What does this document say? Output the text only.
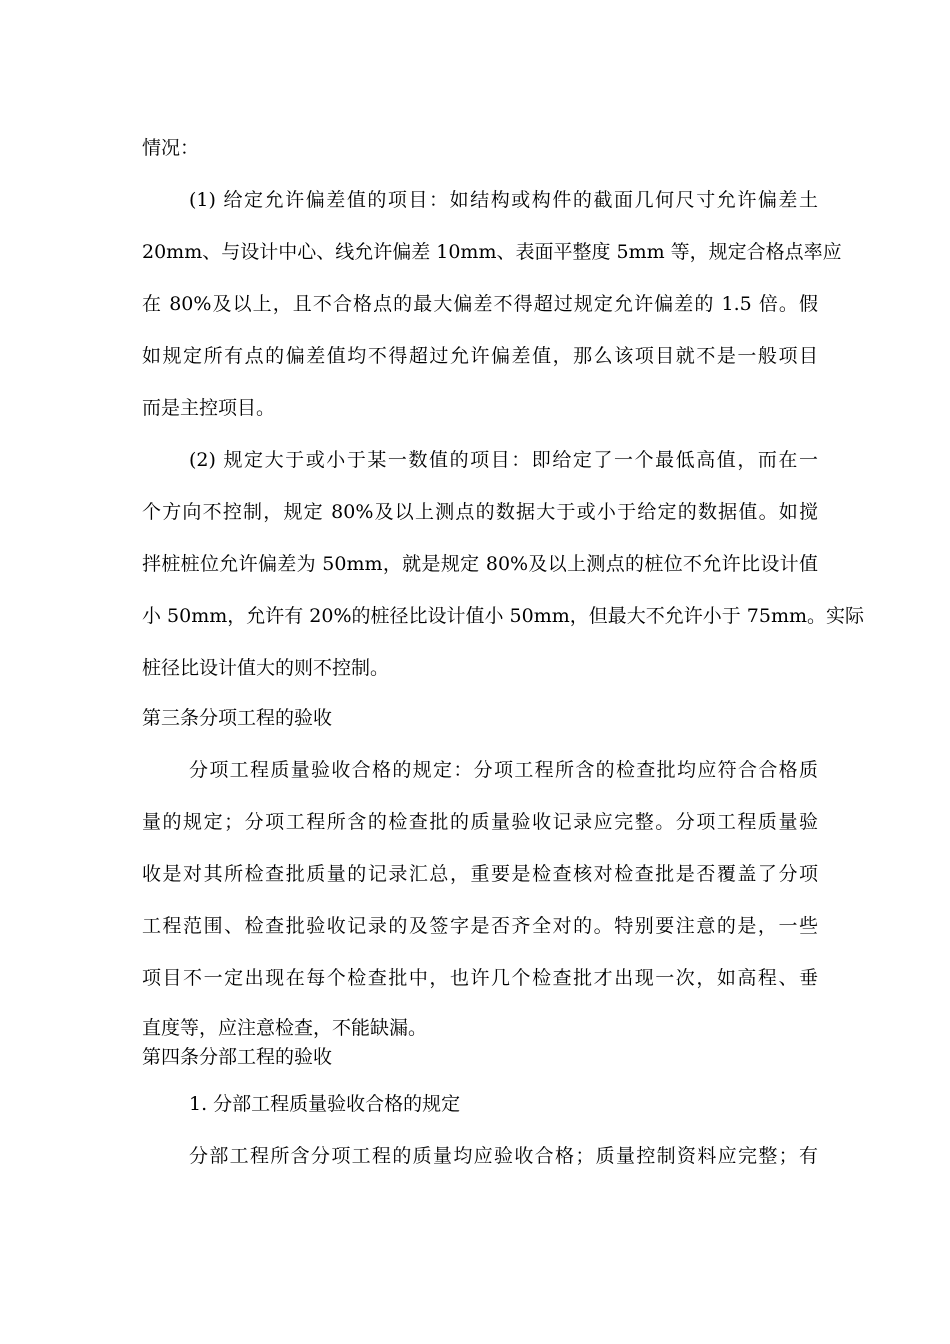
情况：
(1) 给定允许偏差值的项目：如结构或构件的截面几何尺寸允许偏差土
20mm、与设计中心、线允许偏差 10mm、表面平整度 5mm 等，规定合格点率应
在 80%及以上，且不合格点的最大偏差不得超过规定允许偏差的 1.5 倍。假
如规定所有点的偏差值均不得超过允许偏差值，那么该项目就不是一般项目
而是主控项目。
(2) 规定大于或小于某一数值的项目：即给定了一个最低高值，而在一
个方向不控制，规定 80%及以上测点的数据大于或小于给定的数据值。如搅
拌桩桩位允许偏差为 50mm，就是规定 80%及以上测点的桩位不允许比设计值
小 50mm，允许有 20%的桩径比设计值小 50mm，但最大不允许小于 75mm。实际
桩径比设计值大的则不控制。
第三条分项工程的验收
分项工程质量验收合格的规定：分项工程所含的检查批均应符合合格质
量的规定；分项工程所含的检查批的质量验收记录应完整。分项工程质量验
收是对其所检查批质量的记录汇总，重要是检查核对检查批是否覆盖了分项
工程范围、检查批验收记录的及签字是否齐全对的。特别要注意的是，一些
项目不一定出现在每个检查批中，也许几个检查批才出现一次，如高程、垂
直度等，应注意检查，不能缺漏。
第四条分部工程的验收
1. 分部工程质量验收合格的规定
分部工程所含分项工程的质量均应验收合格；质量控制资料应完整；有
